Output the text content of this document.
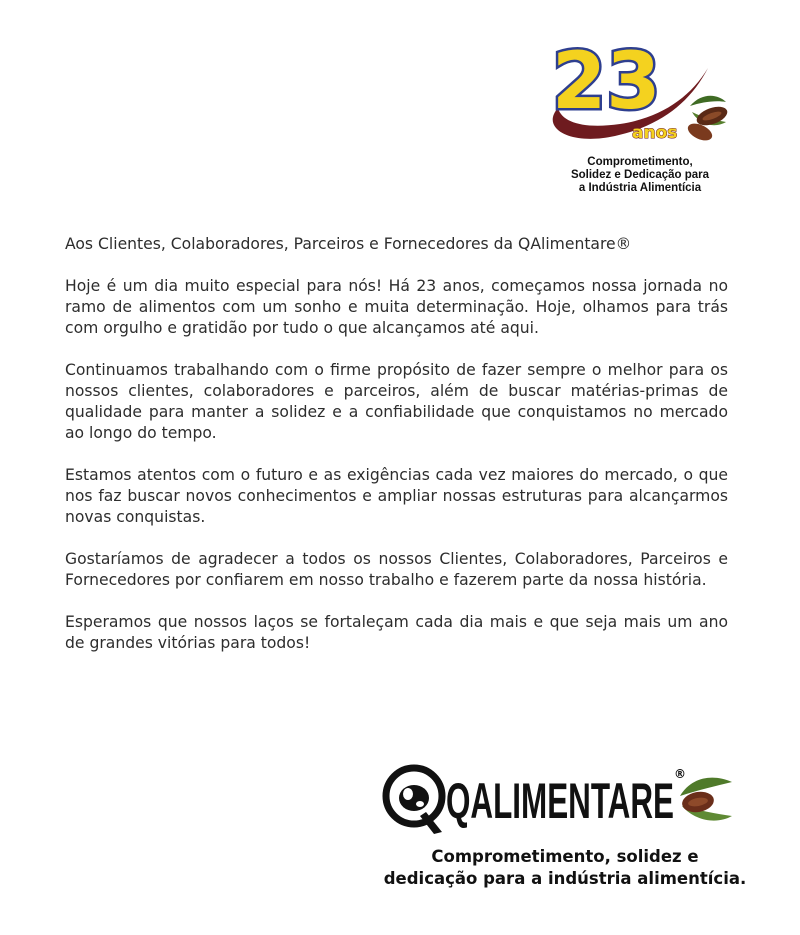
23
anos
Comprometimento,
Solidez e Dedicação para
a Indústria Alimentícia

Aos Clientes, Colaboradores, Parceiros e Fornecedores da QAlimentare®

Hoje é um dia muito especial para nós! Há 23 anos, começamos nossa jornada no ramo de alimentos com um sonho e muita determinação. Hoje, olhamos para trás com orgulho e gratidão por tudo o que alcançamos até aqui.

Continuamos trabalhando com o firme propósito de fazer sempre o melhor para os nossos clientes, colaboradores e parceiros, além de buscar matérias-primas de qualidade para manter a solidez e a confiabilidade que conquistamos no mercado ao longo do tempo.

Estamos atentos com o futuro e as exigências cada vez maiores do mercado, o que nos faz buscar novos conhecimentos e ampliar nossas estruturas para alcançarmos novas conquistas.

Gostaríamos de agradecer a todos os nossos Clientes, Colaboradores, Parceiros e Fornecedores por confiarem em nosso trabalho e fazerem parte da nossa história.

Esperamos que nossos laços se fortaleçam cada dia mais e que seja mais um ano de grandes vitórias para todos!

QALIMENTARE ®
Comprometimento, solidez e
dedicação para a indústria alimentícia.
